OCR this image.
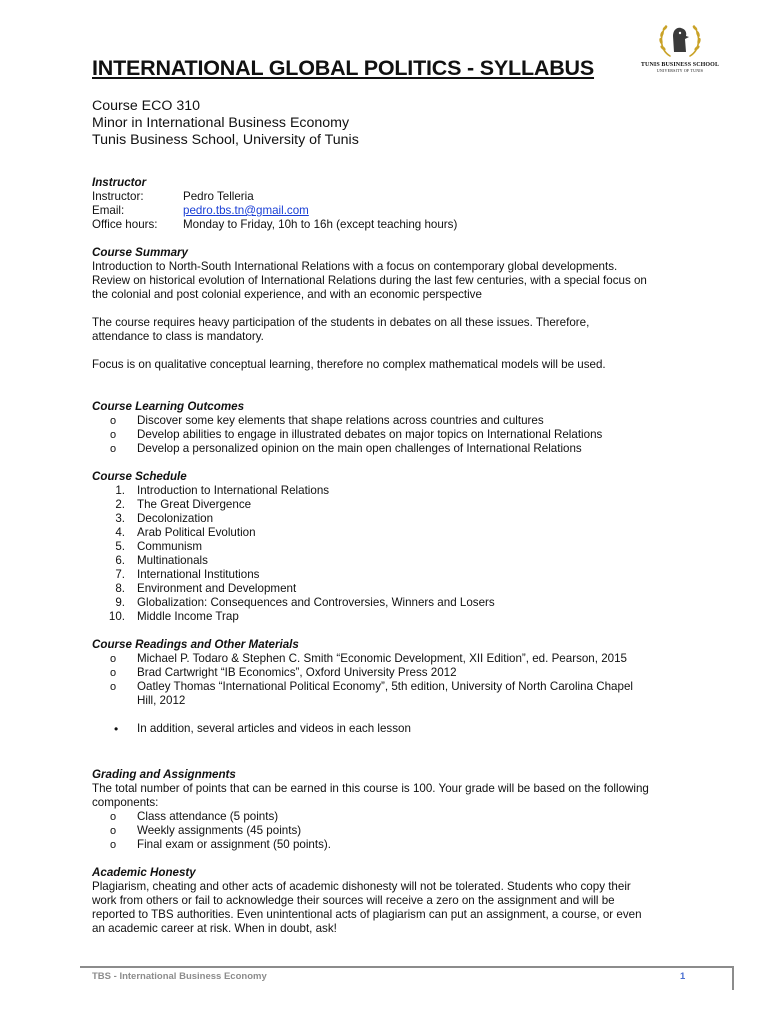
TUNIS BUSINESS SCHOOL
UNIVERSITY OF TUNIS
INTERNATIONAL GLOBAL POLITICS - SYLLABUS
Course ECO 310
Minor in International Business Economy
Tunis Business School, University of Tunis
Instructor
Instructor:	Pedro Telleria
Email:	pedro.tbs.tn@gmail.com
Office hours:	Monday to Friday, 10h to 16h (except teaching hours)
Course Summary

Introduction to North-South International Relations with a focus on contemporary global developments.
Review on historical evolution of International Relations during the last few centuries, with a special focus on
the colonial and post colonial experience, and with an economic perspective

The course requires heavy participation of the students in debates on all these issues. Therefore,
attendance to class is mandatory.

Focus is on qualitative conceptual learning, therefore no complex mathematical models will be used.

Course Learning Outcomes
o Discover some key elements that shape relations across countries and cultures
o Develop abilities to engage in illustrated debates on major topics on International Relations
o Develop a personalized opinion on the main open challenges of International Relations
Course Schedule
1. Introduction to International Relations
2. The Great Divergence
3. Decolonization
4. Arab Political Evolution
5. Communism
6. Multinationals
7. International Institutions
8. Environment and Development
9. Globalization: Consequences and Controversies, Winners and Losers
10. Middle Income Trap
Course Readings and Other Materials
o Michael P. Todaro & Stephen C. Smith “Economic Development, XII Edition”, ed. Pearson, 2015
o Brad Cartwright “IB Economics”, Oxford University Press 2012
o Oatley Thomas “International Political Economy”, 5th edition, University of North Carolina Chapel
Hill, 2012
• In addition, several articles and videos in each lesson
Grading and Assignments

The total number of points that can be earned in this course is 100. Your grade will be based on the following
components:

o Class attendance (5 points)
o Weekly assignments (45 points)
o Final exam or assignment (50 points).
Academic Honesty

Plagiarism, cheating and other acts of academic dishonesty will not be tolerated. Students who copy their
work from others or fail to acknowledge their sources will receive a zero on the assignment and will be
reported to TBS authorities. Even unintentional acts of plagiarism can put an assignment, a course, or even
an academic career at risk. When in doubt, ask!

TBS - International Business Economy	1
